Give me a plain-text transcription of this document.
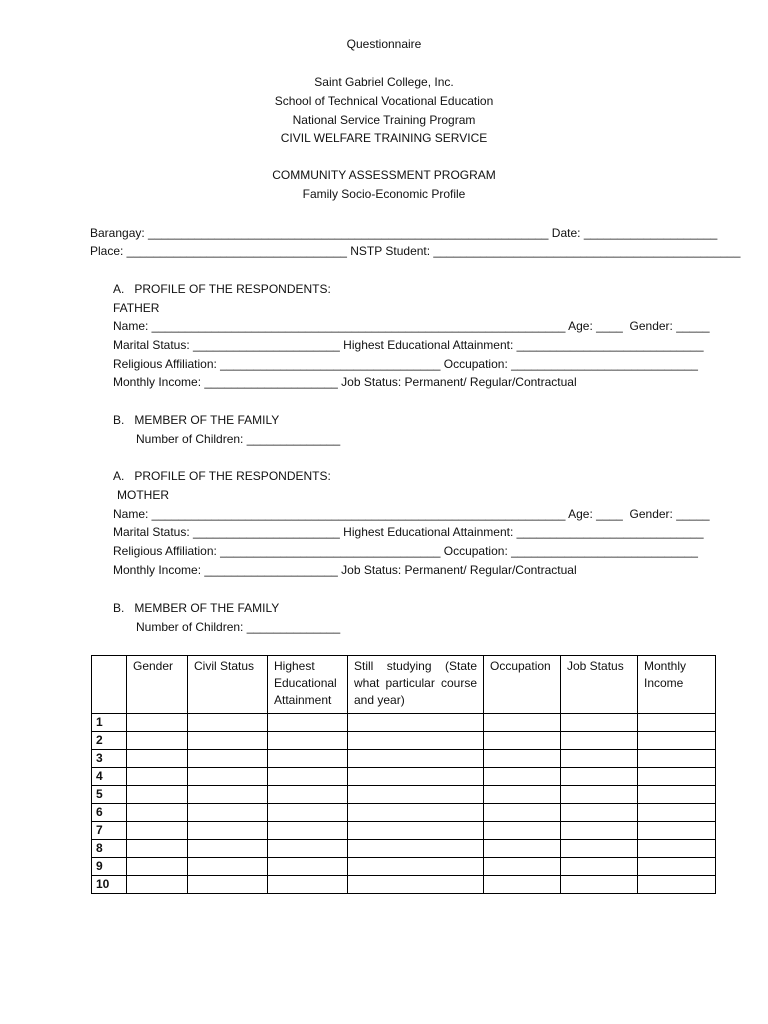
Questionnaire
Saint Gabriel College, Inc.
School of Technical Vocational Education
National Service Training Program
CIVIL WELFARE TRAINING SERVICE
COMMUNITY ASSESSMENT PROGRAM
Family Socio-Economic Profile
Barangay: ____________________________________________________________ Date: ____________________
Place: _________________________________ NSTP Student: ______________________________________________
A.   PROFILE OF THE RESPONDENTS:
FATHER
Name: ______________________________________________________________ Age: ____  Gender: _____
Marital Status: ______________________ Highest Educational Attainment: ____________________________
Religious Affiliation: _________________________________ Occupation: ____________________________
Monthly Income: ____________________ Job Status: Permanent/ Regular/Contractual
B.   MEMBER OF THE FAMILY
Number of Children: ______________
A.   PROFILE OF THE RESPONDENTS:
MOTHER
Name: ______________________________________________________________ Age: ____  Gender: _____
Marital Status: ______________________ Highest Educational Attainment: ____________________________
Religious Affiliation: _________________________________ Occupation: ____________________________
Monthly Income: ____________________ Job Status: Permanent/ Regular/Contractual
B.   MEMBER OF THE FAMILY
Number of Children: ______________
	Gender	Civil Status	Highest Educational Attainment	Still studying (State what particular course and year)	Occupation	Job Status	Monthly Income
1							
2							
3							
4							
5							
6							
7							
8							
9							
10							
